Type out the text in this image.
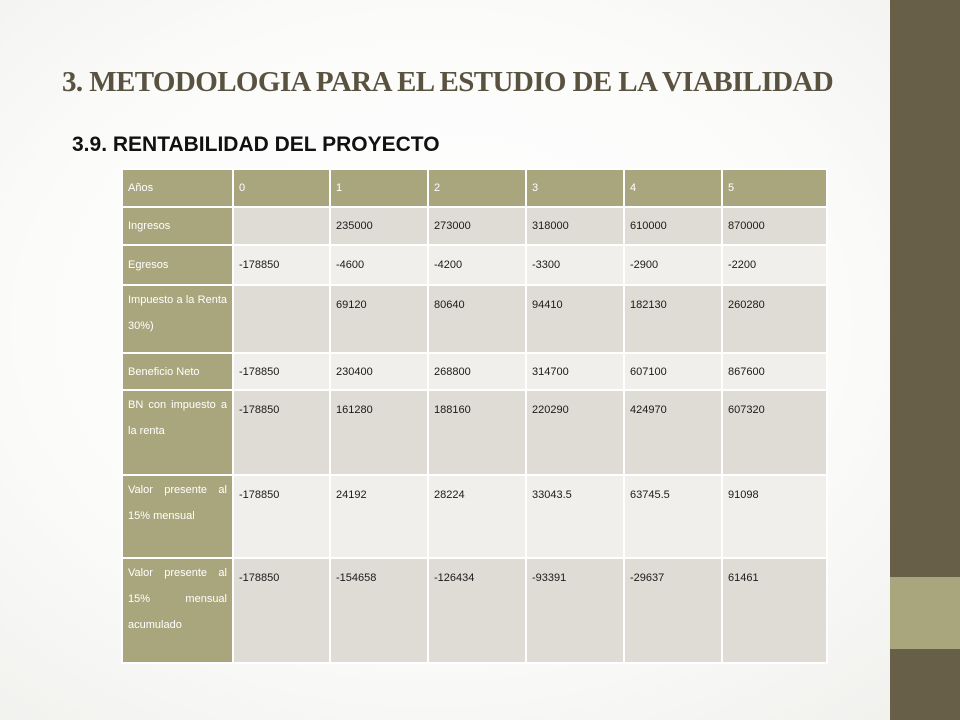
3. METODOLOGIA PARA EL ESTUDIO DE LA VIABILIDAD
3.9. RENTABILIDAD DEL PROYECTO
Años	0	1	2	3	4	5
Ingresos		235000	273000	318000	610000	870000
Egresos	-178850	-4600	-4200	-3300	-2900	-2200
Impuesto a la Renta 30%)		69120	80640	94410	182130	260280
Beneficio Neto	-178850	230400	268800	314700	607100	867600
BN con impuesto a la renta	-178850	161280	188160	220290	424970	607320
Valor presente al 15% mensual	-178850	24192	28224	33043.5	63745.5	91098
Valor presente al 15% mensual acumulado	-178850	-154658	-126434	-93391	-29637	61461
